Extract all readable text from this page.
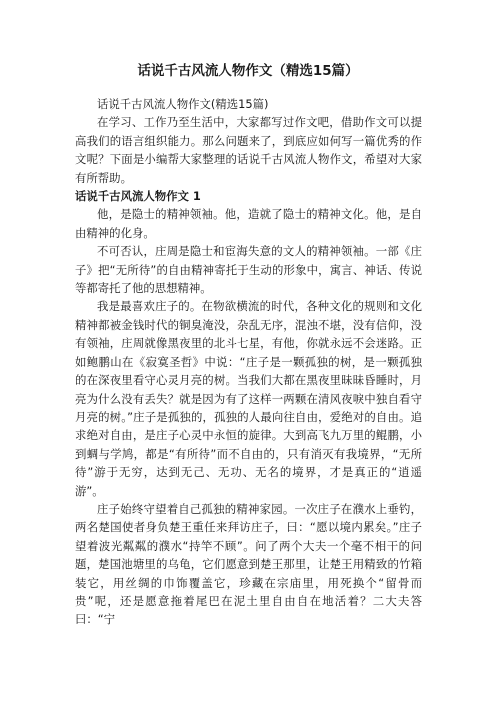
话说千古风流人物作文（精选15篇）

话说千古风流人物作文(精选15篇)

在学习、工作乃至生活中，大家都写过作文吧，借助作文可以提高我们的语言组织能力。那么问题来了，到底应如何写一篇优秀的作文呢？下面是小编帮大家整理的话说千古风流人物作文，希望对大家有所帮助。

话说千古风流人物作文 1

他，是隐士的精神领袖。他，造就了隐士的精神文化。他，是自由精神的化身。

不可否认，庄周是隐士和宦海失意的文人的精神领袖。一部《庄子》把“无所待”的自由精神寄托于生动的形象中，寓言、神话、传说等都寄托了他的思想精神。

我是最喜欢庄子的。在物欲横流的时代，各种文化的规则和文化精神都被金钱时代的铜臭淹没，杂乱无序，混浊不堪，没有信仰，没有领袖，庄周就像黑夜里的北斗七星，有他，你就永远不会迷路。正如鲍鹏山在《寂寞圣哲》中说：“庄子是一颗孤独的树，是一颗孤独的在深夜里看守心灵月亮的树。当我们大都在黑夜里昧昧昏睡时，月亮为什么没有丢失？就是因为有了这样一两颗在清风夜唳中独自看守月亮的树。”庄子是孤独的，孤独的人最向往自由，爱绝对的自由。追求绝对自由，是庄子心灵中永恒的旋律。大到高飞九万里的鲲鹏，小到蜩与学鸠，都是“有所待”而不自由的，只有消灭有我境界，“无所待”游于无穷，达到无己、无功、无名的境界，才是真正的“逍遥游”。

庄子始终守望着自己孤独的精神家园。一次庄子在濮水上垂钓，两名楚国使者身负楚王重任来拜访庄子，曰：“愿以境内累矣。”庄子望着波光粼粼的濮水“持竿不顾”。问了两个大夫一个毫不相干的问题，楚国池塘里的乌龟，它们愿意到楚王那里，让楚王用精致的竹箱装它，用丝绸的巾饰覆盖它，珍藏在宗庙里，用死换个“留骨而贵”呢，还是愿意拖着尾巴在泥土里自由自在地活着？二大夫答曰：“宁
